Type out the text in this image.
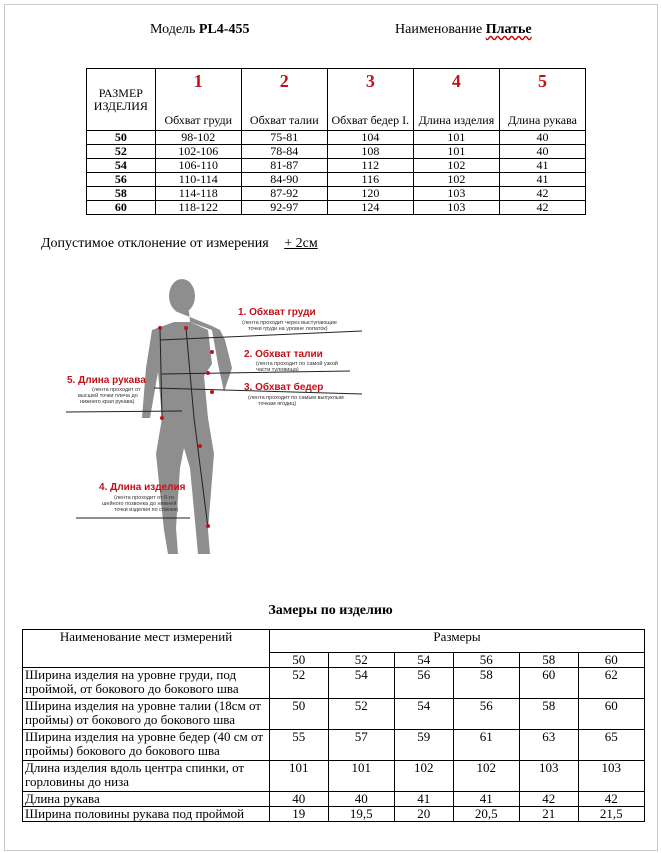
Модель PL4-455	Наименование Платье
РАЗМЕР ИЗДЕЛИЯ	1	2	3	4	5
	Обхват груди	Обхват талии	Обхват бедер I.	Длина изделия	Длина рукава
50	98-102	75-81	104	101	40
52	102-106	78-84	108	101	40
54	106-110	81-87	112	102	41
56	110-114	84-90	116	102	41
58	114-118	87-92	120	103	42
60	118-122	92-97	124	103	42
Допустимое отклонение от измерения + 2см
1. Обхват груди
(лента проходит через выступающие
точки груди на уровне лопаток)
2. Обхват талии
(лента проходит по самой узкой
части туловища)
3. Обхват бедер
(лента проходит по самым выпуклым
точкам ягодиц)
5. Длина рукава
(лента проходит от
высшей точки плеча до
нижнего края рукава)
4. Длина изделия
(лента проходит от 6-го
шейного позвонка до нижней
точки изделия по спинке)
Замеры по изделию
Наименование мест измерений	Размеры					
	50	52	54	56	58	60
Ширина изделия на уровне груди, под проймой, от бокового до бокового шва	52	54	56	58	60	62
Ширина изделия на уровне талии (18см от проймы) от бокового до бокового шва	50	52	54	56	58	60
Ширина изделия на уровне бедер (40 см от проймы) бокового до бокового шва	55	57	59	61	63	65
Длина изделия вдоль центра спинки, от горловины до низа	101	101	102	102	103	103
Длина рукава	40	40	41	41	42	42
Ширина половины рукава под проймой	19	19,5	20	20,5	21	21,5
